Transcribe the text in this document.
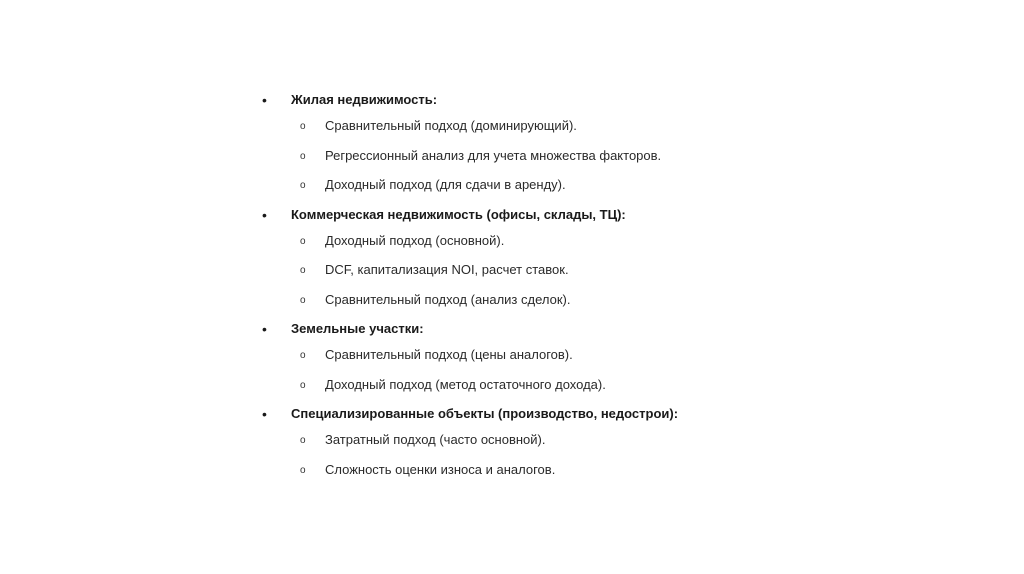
• Жилая недвижимость:
o Сравнительный подход (доминирующий).
o Регрессионный анализ для учета множества факторов.
o Доходный подход (для сдачи в аренду).
• Коммерческая недвижимость (офисы, склады, ТЦ):
o Доходный подход (основной).
o DCF, капитализация NOI, расчет ставок.
o Сравнительный подход (анализ сделок).
• Земельные участки:
o Сравнительный подход (цены аналогов).
o Доходный подход (метод остаточного дохода).
• Специализированные объекты (производство, недострои):
o Затратный подход (часто основной).
o Сложность оценки износа и аналогов.
